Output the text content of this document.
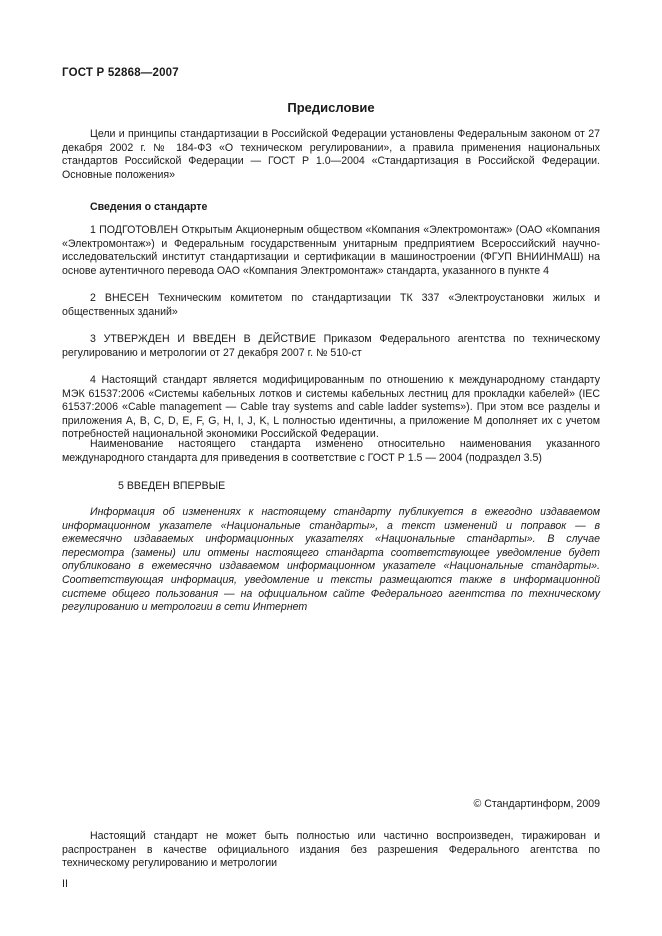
ГОСТ Р 52868—2007
Предисловие
Цели и принципы стандартизации в Российской Федерации установлены Федеральным законом от 27 декабря 2002 г. № 184-ФЗ «О техническом регулировании», а правила применения национальных стандартов Российской Федерации — ГОСТ Р 1.0—2004 «Стандартизация в Российской Федерации. Основные положения»
Сведения о стандарте
1 ПОДГОТОВЛЕН Открытым Акционерным обществом «Компания «Электромонтаж» (ОАО «Компания «Электромонтаж») и Федеральным государственным унитарным предприятием Всероссийский научно-исследовательский институт стандартизации и сертификации в машиностроении (ФГУП ВНИИНМАШ) на основе аутентичного перевода ОАО «Компания Электромонтаж» стандарта, указанного в пункте 4
2 ВНЕСЕН Техническим комитетом по стандартизации ТК 337 «Электроустановки жилых и общественных зданий»
3 УТВЕРЖДЕН И ВВЕДЕН В ДЕЙСТВИЕ Приказом Федерального агентства по техническому регулированию и метрологии от 27 декабря 2007 г. № 510-ст
4 Настоящий стандарт является модифицированным по отношению к международному стандарту МЭК 61537:2006 «Системы кабельных лотков и системы кабельных лестниц для прокладки кабелей» (IEC 61537:2006 «Cable management — Cable tray systems and cable ladder systems»). При этом все разделы и приложения A, B, C, D, E, F, G, H, I, J, K, L полностью идентичны, а приложение M дополняет их с учетом потребностей национальной экономики Российской Федерации.
Наименование настоящего стандарта изменено относительно наименования указанного международного стандарта для приведения в соответствие с ГОСТ Р 1.5 — 2004 (подраздел 3.5)
5 ВВЕДЕН ВПЕРВЫЕ
Информация об изменениях к настоящему стандарту публикуется в ежегодно издаваемом информационном указателе «Национальные стандарты», а текст изменений и поправок — в ежемесячно издаваемых информационных указателях «Национальные стандарты». В случае пересмотра (замены) или отмены настоящего стандарта соответствующее уведомление будет опубликовано в ежемесячно издаваемом информационном указателе «Национальные стандарты». Соответствующая информация, уведомление и тексты размещаются также в информационной системе общего пользования — на официальном сайте Федерального агентства по техническому регулированию и метрологии в сети Интернет
© Стандартинформ, 2009
Настоящий стандарт не может быть полностью или частично воспроизведен, тиражирован и распространен в качестве официального издания без разрешения Федерального агентства по техническому регулированию и метрологии
II
